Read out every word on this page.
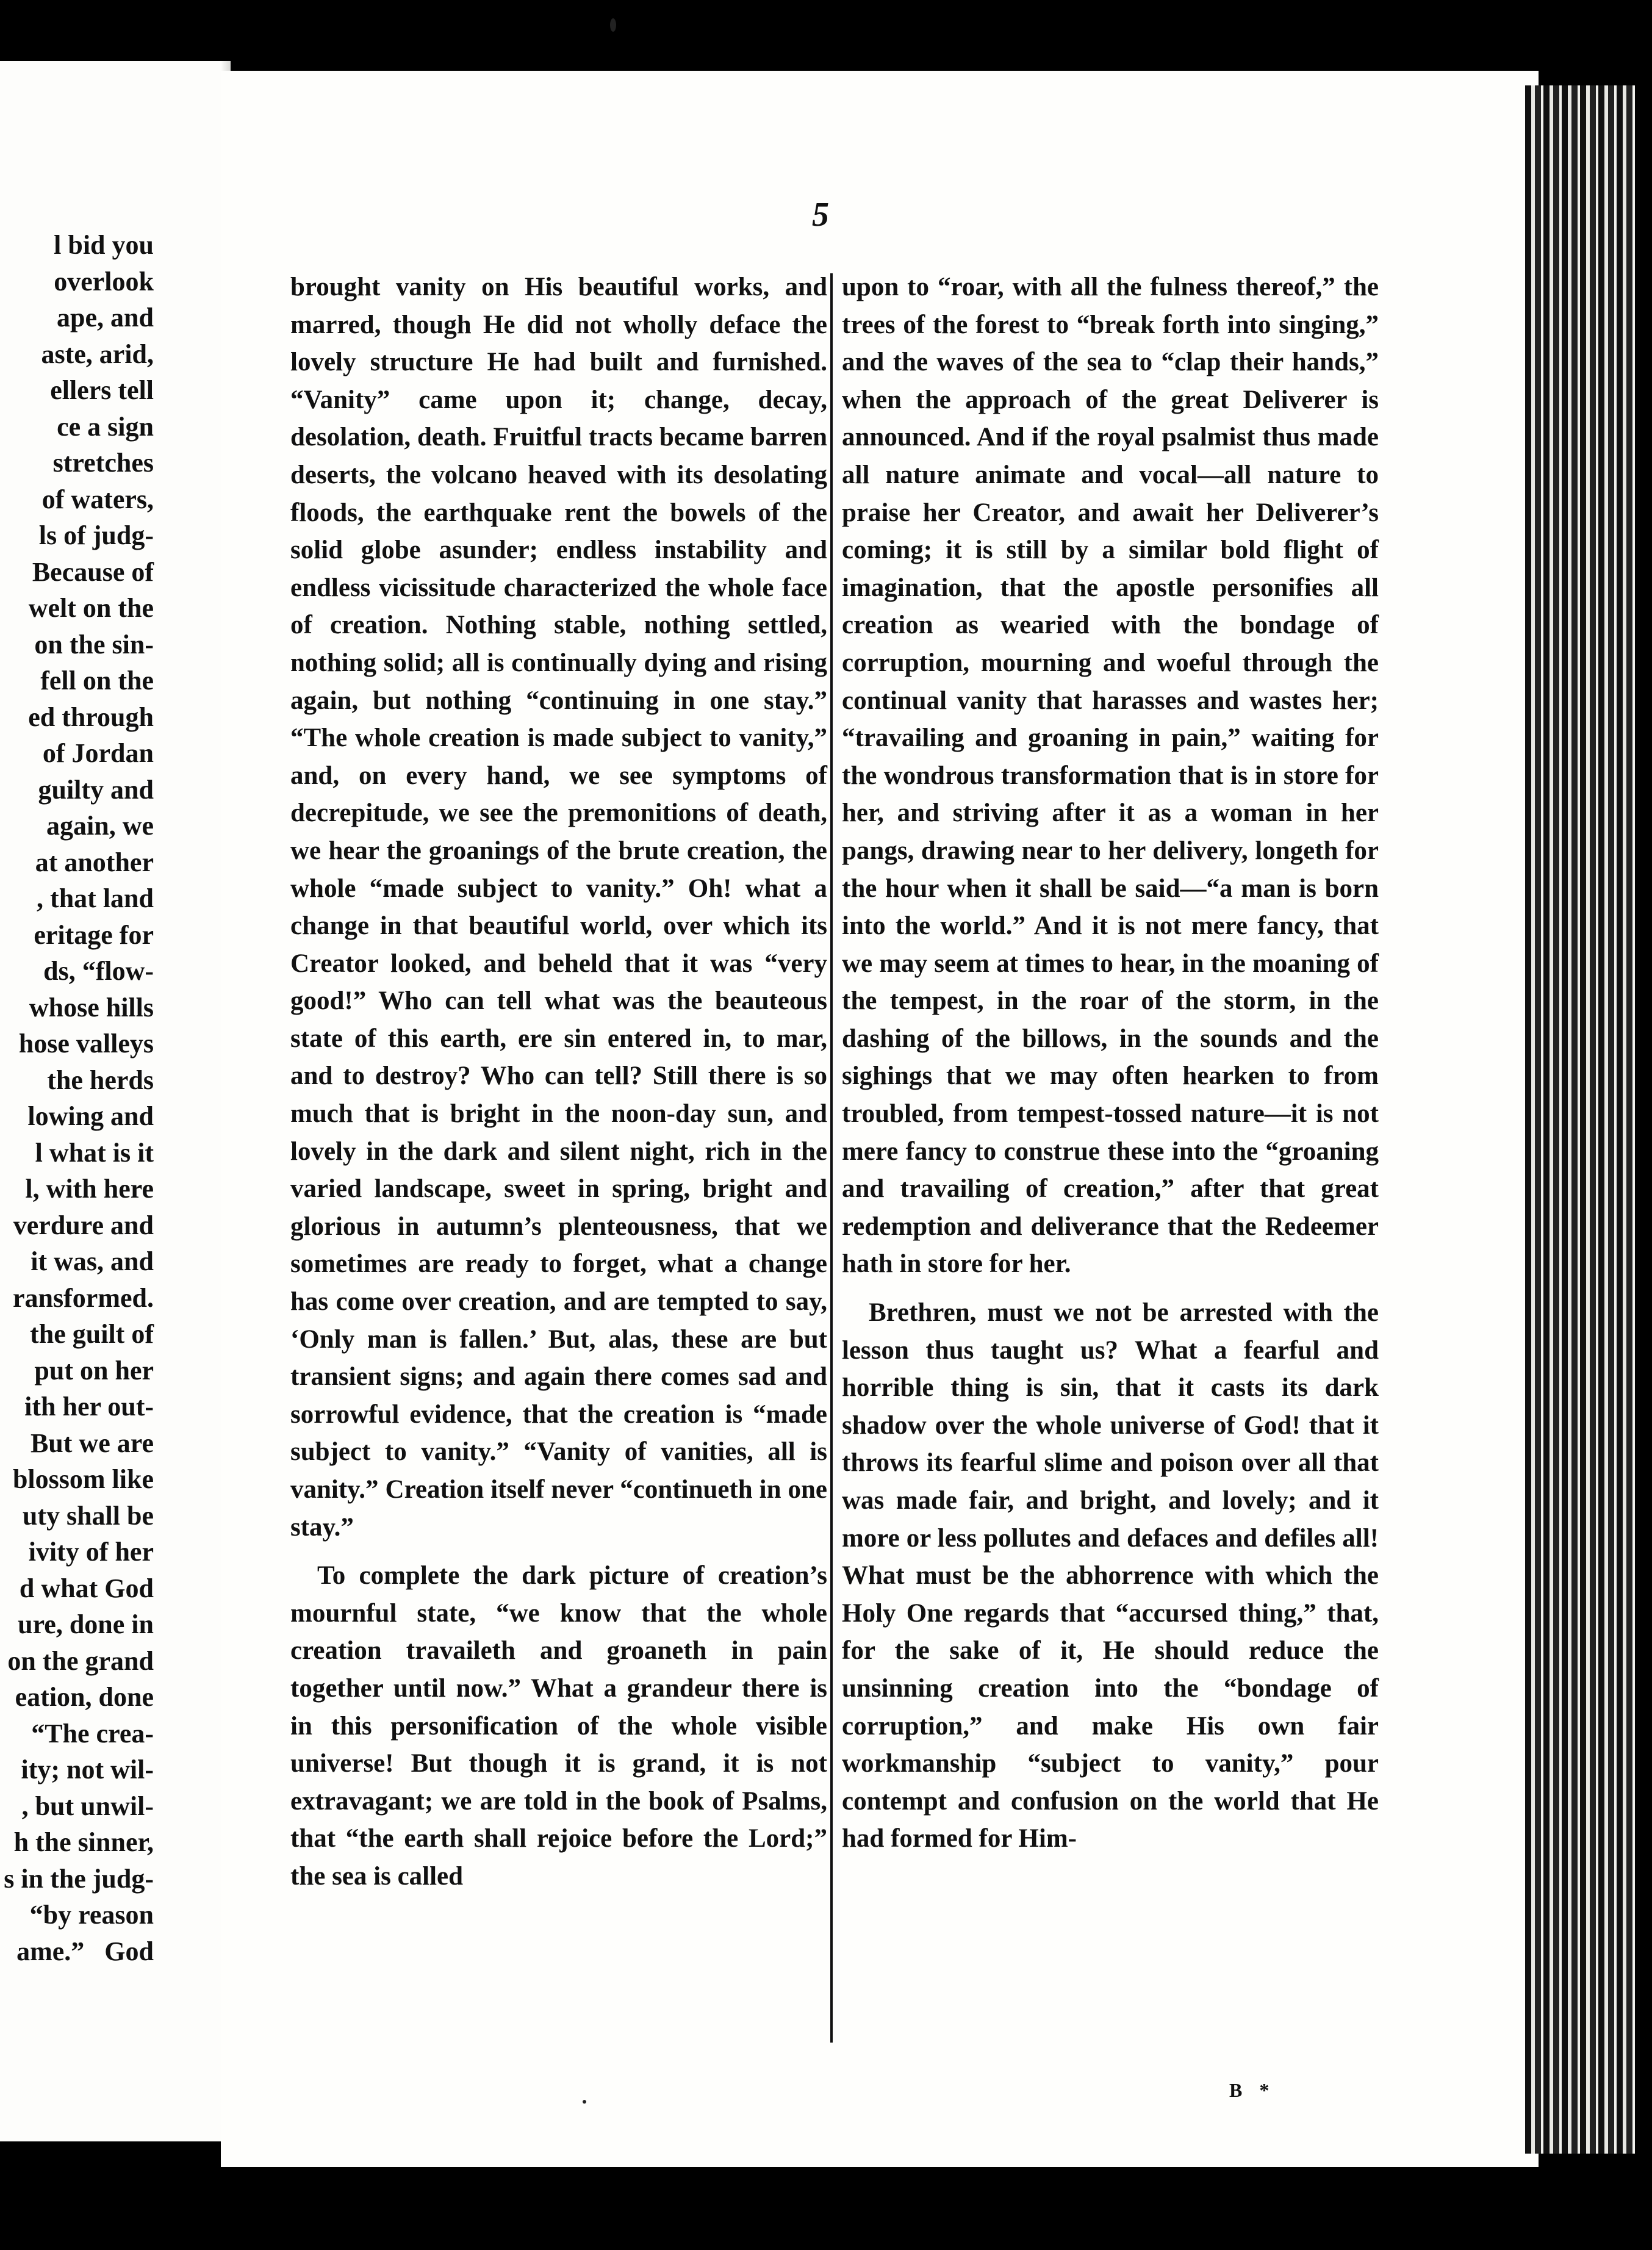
l bid you
overlook
ape, and
aste, arid,
ellers tell
ce a sign
stretches
of waters,
ls of judg-
Because of
welt on the
on the sin-
fell on the
ed through
of Jordan
guilty and
again, we
at another
, that land
eritage for
ds, “flow-
whose hills
hose valleys
the herds
lowing and
l what is it
l, with here
verdure and
it was, and
ransformed.
the guilt of
put on her
ith her out-
But we are
blossom like
uty shall be
ivity of her
d what God
ure, done in
on the grand
eation, done
“The crea-
ity; not wil-
, but unwil-
h the sinner,
s in the judg-
“by reason
ame.”   God
5

brought vanity on His beautiful works, and marred, though He did not wholly deface the lovely structure He had built and furnished. “Vanity” came upon it; change, decay, desolation, death. Fruitful tracts became barren deserts, the volcano heaved with its desolating floods, the earthquake rent the bowels of the solid globe asunder; endless instability and endless vicissitude characterized the whole face of creation. Nothing stable, nothing settled, nothing solid; all is continually dying and rising again, but nothing “continuing in one stay.” “The whole creation is made subject to vanity,” and, on every hand, we see symptoms of decrepitude, we see the premonitions of death, we hear the groanings of the brute creation, the whole “made subject to vanity.” Oh! what a change in that beautiful world, over which its Creator looked, and beheld that it was “very good!” Who can tell what was the beauteous state of this earth, ere sin entered in, to mar, and to destroy? Who can tell? Still there is so much that is bright in the noon-day sun, and lovely in the dark and silent night, rich in the varied landscape, sweet in spring, bright and glorious in autumn’s plenteousness, that we sometimes are ready to forget, what a change has come over creation, and are tempted to say, ‘Only man is fallen.’ But, alas, these are but transient signs; and again there comes sad and sorrowful evidence, that the creation is “made subject to vanity.” “Vanity of vanities, all is vanity.” Creation itself never “continueth in one stay.”

To complete the dark picture of creation’s mournful state, “we know that the whole creation travaileth and groaneth in pain together until now.” What a grandeur there is in this personification of the whole visible universe! But though it is grand, it is not extravagant; we are told in the book of Psalms, that “the earth shall rejoice before the Lord;” the sea is called

upon to “roar, with all the fulness thereof,” the trees of the forest to “break forth into singing,” and the waves of the sea to “clap their hands,” when the approach of the great Deliverer is announced. And if the royal psalmist thus made all nature animate and vocal—all nature to praise her Creator, and await her Deliverer’s coming; it is still by a similar bold flight of imagination, that the apostle personifies all creation as wearied with the bondage of corruption, mourning and woeful through the continual vanity that harasses and wastes her; “travailing and groaning in pain,” waiting for the wondrous transformation that is in store for her, and striving after it as a woman in her pangs, drawing near to her delivery, longeth for the hour when it shall be said—“a man is born into the world.” And it is not mere fancy, that we may seem at times to hear, in the moaning of the tempest, in the roar of the storm, in the dashing of the billows, in the sounds and the sighings that we may often hearken to from troubled, from tempest-tossed nature—it is not mere fancy to construe these into the “groaning and travailing of creation,” after that great redemption and deliverance that the Redeemer hath in store for her.

Brethren, must we not be arrested with the lesson thus taught us? What a fearful and horrible thing is sin, that it casts its dark shadow over the whole universe of God! that it throws its fearful slime and poison over all that was made fair, and bright, and lovely; and it more or less pollutes and defaces and defiles all! What must be the abhorrence with which the Holy One regards that “accursed thing,” that, for the sake of it, He should reduce the unsinning creation into the “bondage of corruption,” and make His own fair workmanship “subject to vanity,” pour contempt and confusion on the world that He had formed for Him-

B *
